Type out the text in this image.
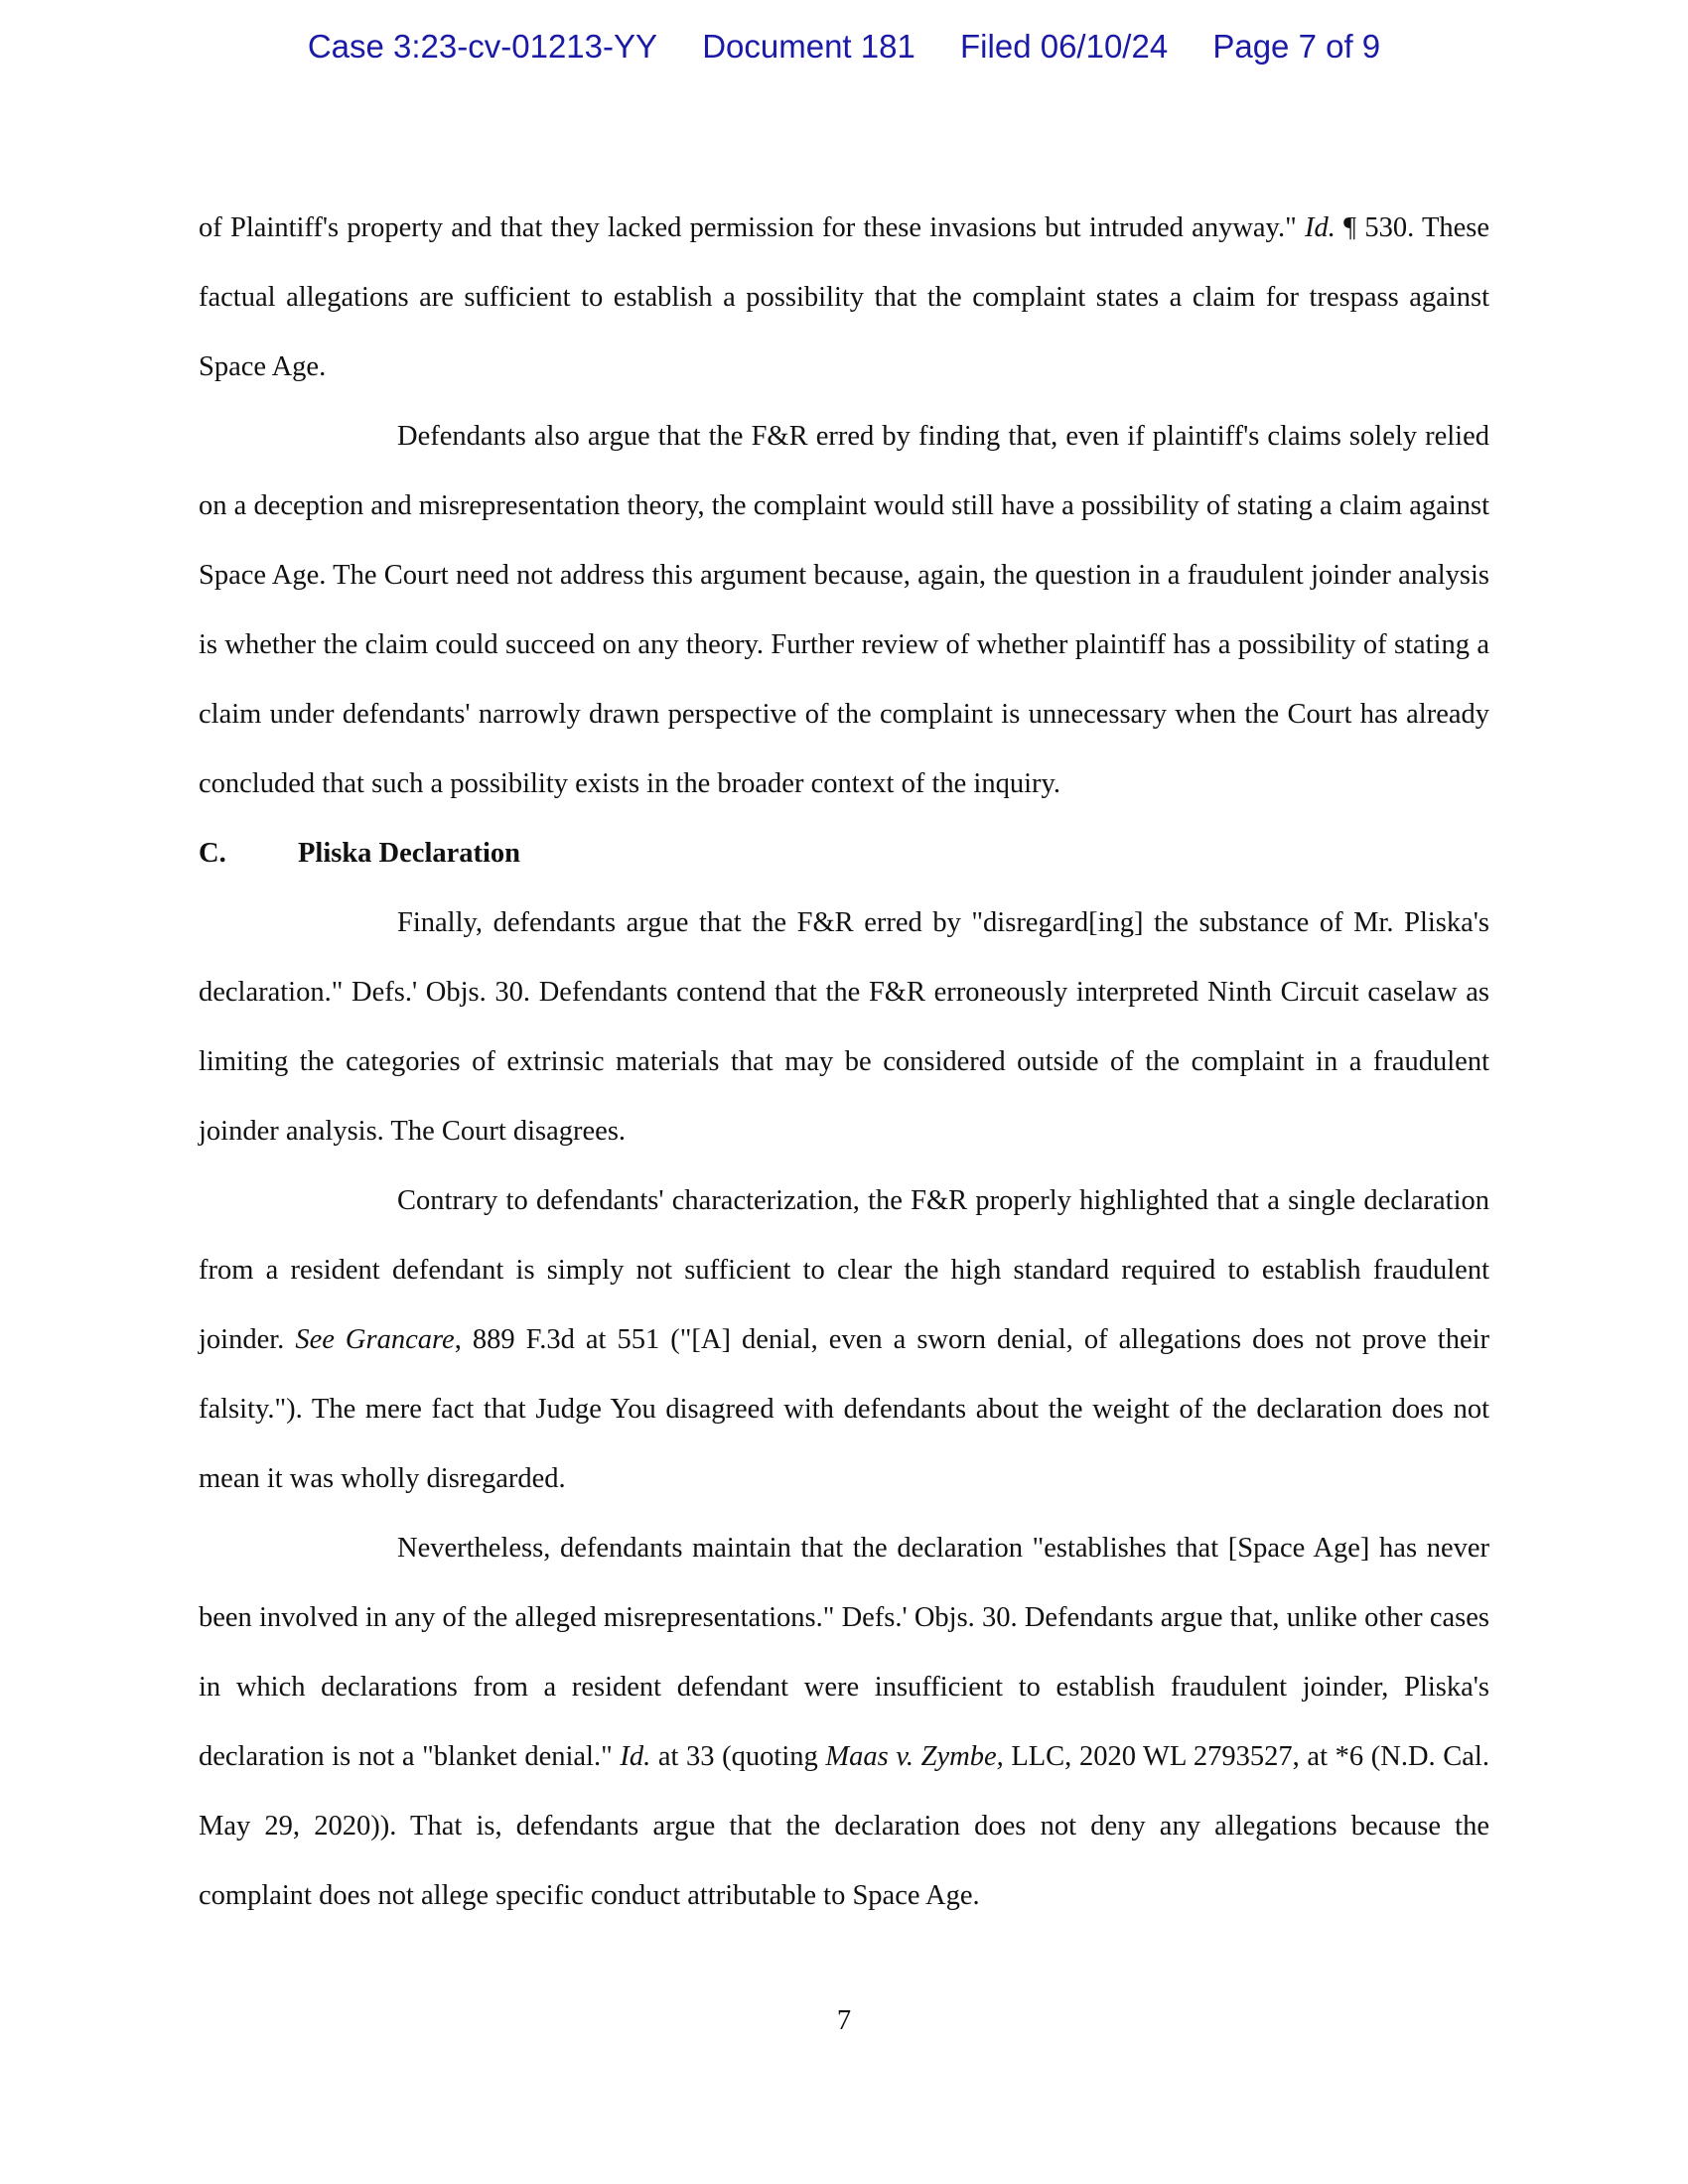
Case 3:23-cv-01213-YY Document 181 Filed 06/10/24 Page 7 of 9

of Plaintiff's property and that they lacked permission for these invasions but intruded anyway." Id. ¶ 530. These factual allegations are sufficient to establish a possibility that the complaint states a claim for trespass against Space Age.

Defendants also argue that the F&R erred by finding that, even if plaintiff's claims solely relied on a deception and misrepresentation theory, the complaint would still have a possibility of stating a claim against Space Age. The Court need not address this argument because, again, the question in a fraudulent joinder analysis is whether the claim could succeed on any theory. Further review of whether plaintiff has a possibility of stating a claim under defendants' narrowly drawn perspective of the complaint is unnecessary when the Court has already concluded that such a possibility exists in the broader context of the inquiry.

C.	Pliska Declaration

Finally, defendants argue that the F&R erred by "disregard[ing] the substance of Mr. Pliska's declaration." Defs.' Objs. 30. Defendants contend that the F&R erroneously interpreted Ninth Circuit caselaw as limiting the categories of extrinsic materials that may be considered outside of the complaint in a fraudulent joinder analysis. The Court disagrees.

Contrary to defendants' characterization, the F&R properly highlighted that a single declaration from a resident defendant is simply not sufficient to clear the high standard required to establish fraudulent joinder. See Grancare, 889 F.3d at 551 ("[A] denial, even a sworn denial, of allegations does not prove their falsity."). The mere fact that Judge You disagreed with defendants about the weight of the declaration does not mean it was wholly disregarded.

Nevertheless, defendants maintain that the declaration "establishes that [Space Age] has never been involved in any of the alleged misrepresentations." Defs.' Objs. 30. Defendants argue that, unlike other cases in which declarations from a resident defendant were insufficient to establish fraudulent joinder, Pliska's declaration is not a "blanket denial." Id. at 33 (quoting Maas v. Zymbe, LLC, 2020 WL 2793527, at *6 (N.D. Cal. May 29, 2020)). That is, defendants argue that the declaration does not deny any allegations because the complaint does not allege specific conduct attributable to Space Age.

7
